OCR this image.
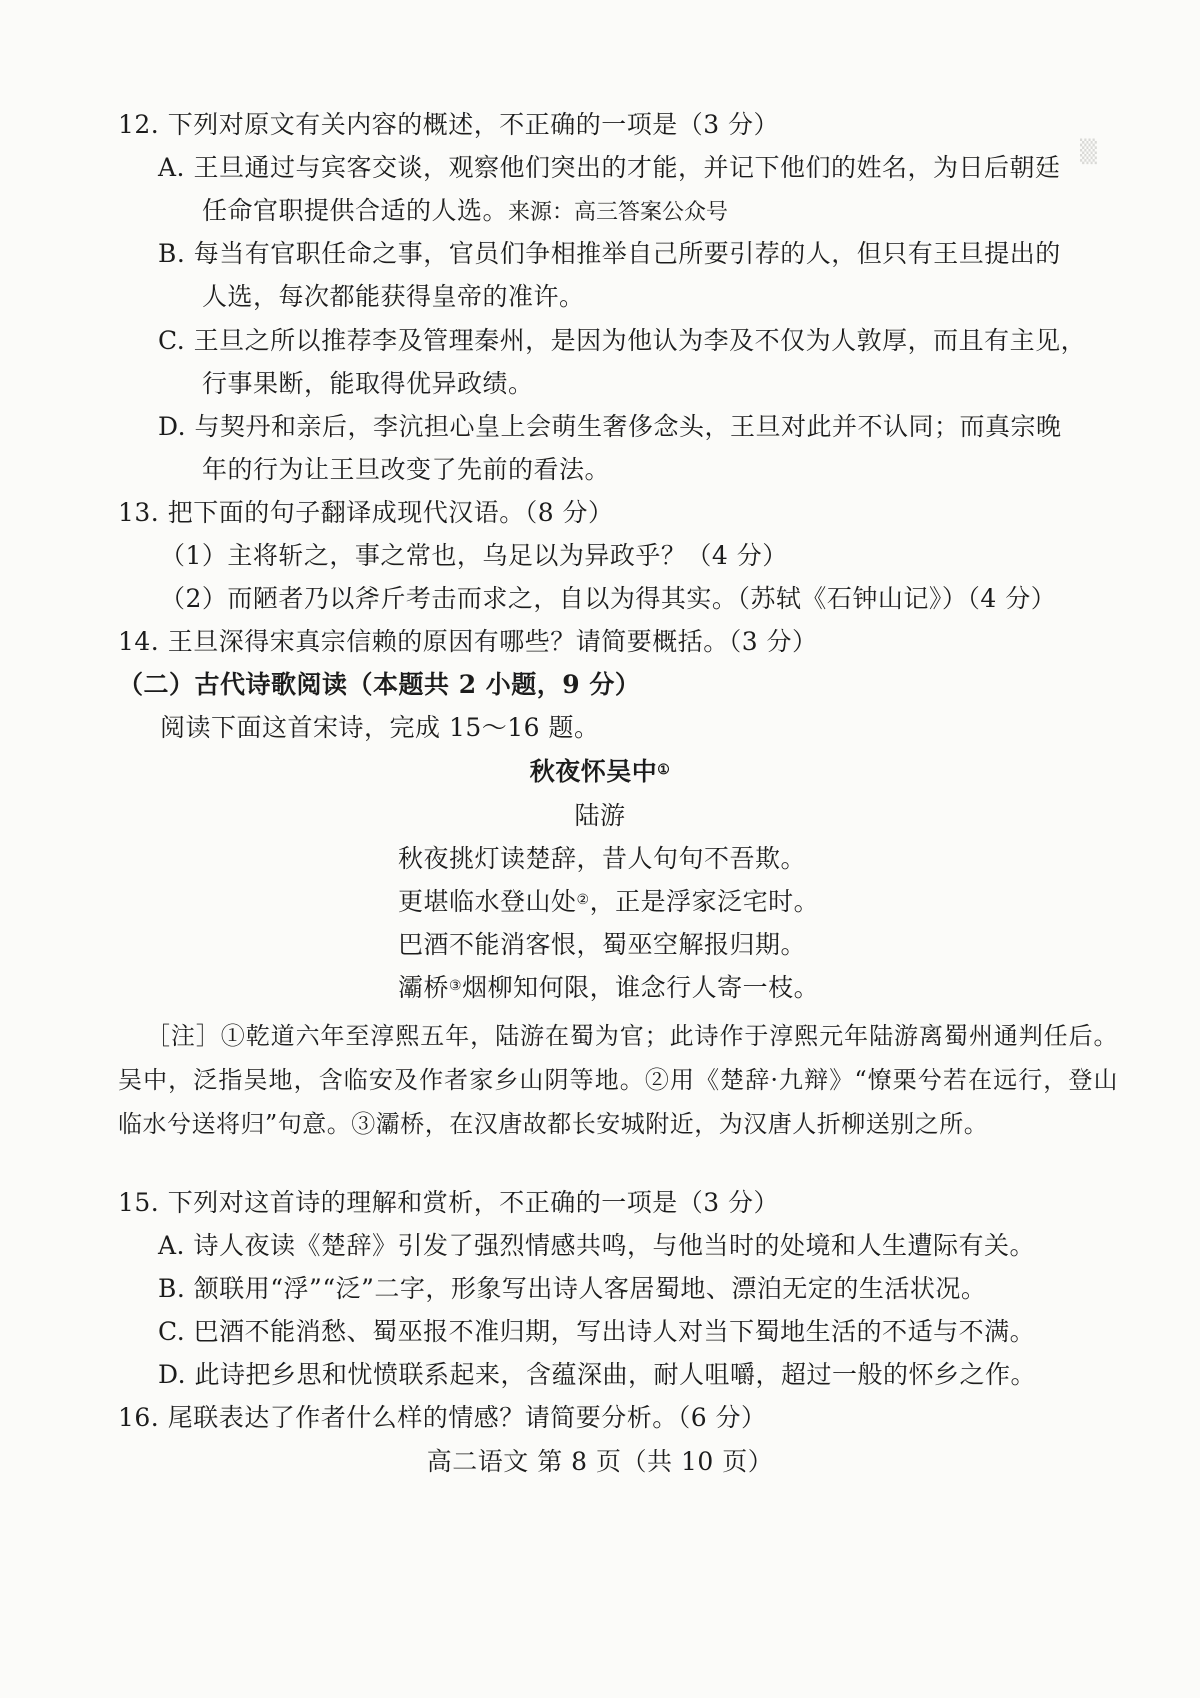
▒
12. 下列对原文有关内容的概述，不正确的一项是（3 分）
A. 王旦通过与宾客交谈，观察他们突出的才能，并记下他们的姓名，为日后朝廷
任命官职提供合适的人选。来源：高三答案公众号
B. 每当有官职任命之事，官员们争相推举自己所要引荐的人，但只有王旦提出的
人选，每次都能获得皇帝的准许。
C. 王旦之所以推荐李及管理秦州，是因为他认为李及不仅为人敦厚，而且有主见，
行事果断，能取得优异政绩。
D. 与契丹和亲后，李沆担心皇上会萌生奢侈念头，王旦对此并不认同；而真宗晚
年的行为让王旦改变了先前的看法。
13. 把下面的句子翻译成现代汉语。（8 分）
（1）主将斩之，事之常也，乌足以为异政乎？（4 分）
（2）而陋者乃以斧斤考击而求之，自以为得其实。（苏轼《石钟山记》）（4 分）
14. 王旦深得宋真宗信赖的原因有哪些？请简要概括。（3 分）
（二）古代诗歌阅读（本题共 2 小题，9 分）
阅读下面这首宋诗，完成 15～16 题。
秋夜怀吴中①
陆游
秋夜挑灯读楚辞，昔人句句不吾欺。
更堪临水登山处②，正是浮家泛宅时。
巴酒不能消客恨，蜀巫空解报归期。
灞桥③烟柳知何限，谁念行人寄一枝。
［注］①乾道六年至淳熙五年，陆游在蜀为官；此诗作于淳熙元年陆游离蜀州通判任后。吴中，泛指吴地，含临安及作者家乡山阴等地。②用《楚辞·九辩》“憭栗兮若在远行，登山临水兮送将归”句意。③灞桥，在汉唐故都长安城附近，为汉唐人折柳送别之所。
15. 下列对这首诗的理解和赏析，不正确的一项是（3 分）
A. 诗人夜读《楚辞》引发了强烈情感共鸣，与他当时的处境和人生遭际有关。
B. 颔联用“浮”“泛”二字，形象写出诗人客居蜀地、漂泊无定的生活状况。
C. 巴酒不能消愁、蜀巫报不准归期，写出诗人对当下蜀地生活的不适与不满。
D. 此诗把乡思和忧愤联系起来，含蕴深曲，耐人咀嚼，超过一般的怀乡之作。
16. 尾联表达了作者什么样的情感？请简要分析。（6 分）
高二语文 第 8 页（共 10 页）
